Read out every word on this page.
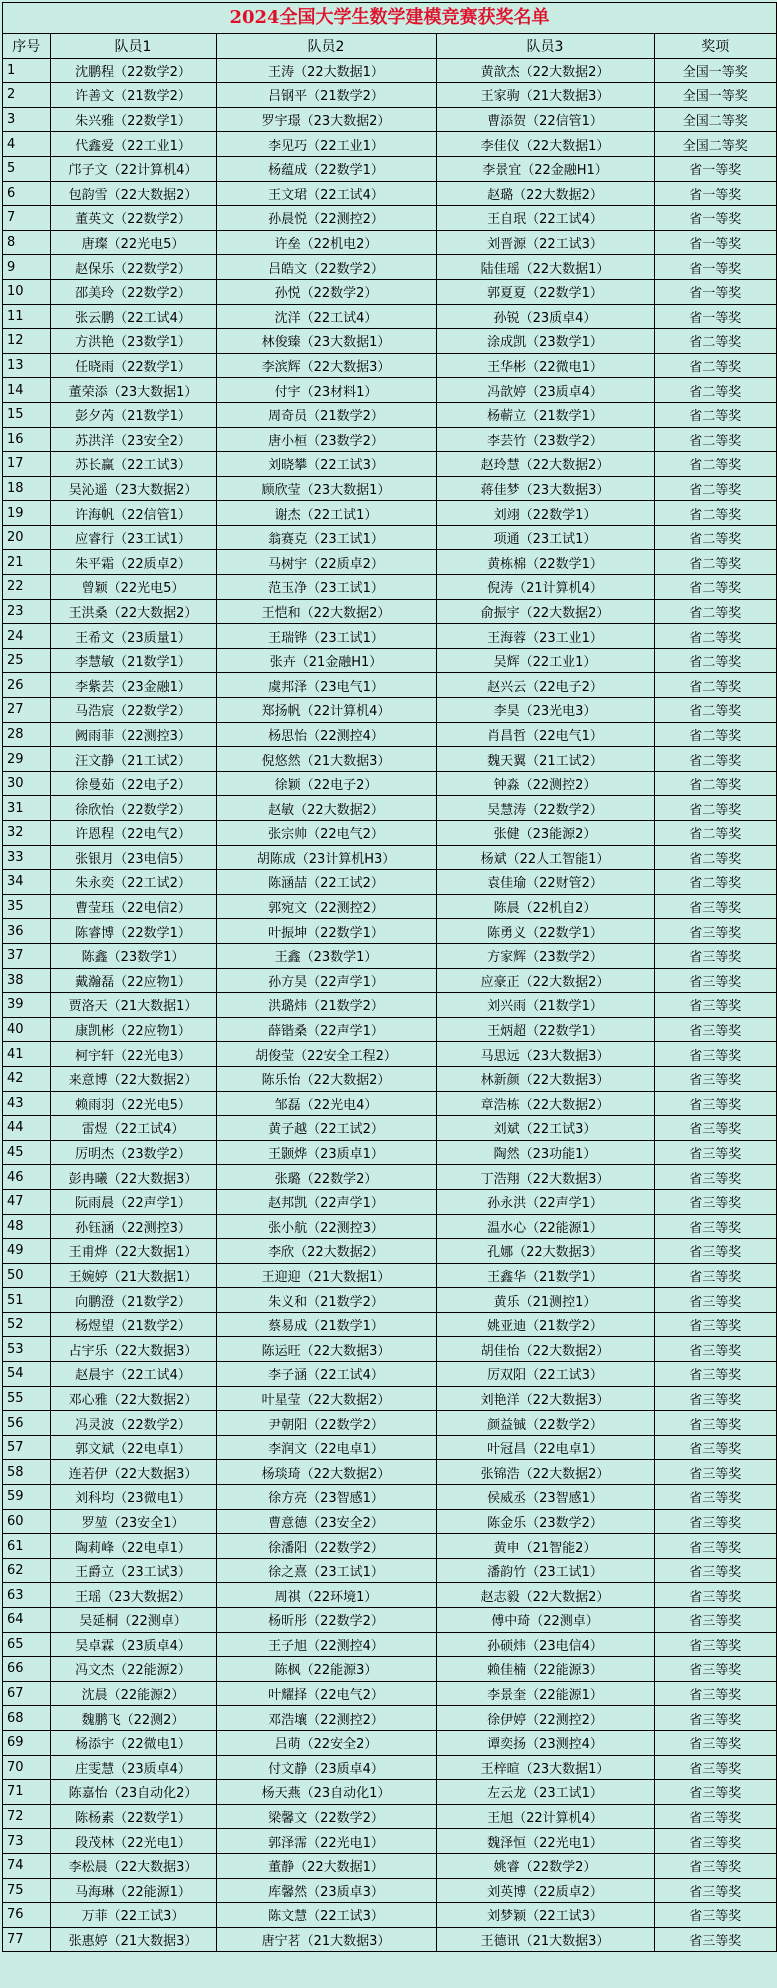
2024全国大学生数学建模竞赛获奖名单
序号	队员1	队员2	队员3	奖项
1	沈鹏程（22数学2）	王涛（22大数据1）	黄歆杰（22大数据2）	全国一等奖
2	许善文（21数学2）	吕钢平（21数学2）	王家驹（21大数据3）	全国一等奖
3	朱兴雅（22数学1）	罗宇璟（23大数据2）	曹添贺（22信管1）	全国二等奖
4	代鑫爱（22工业1）	李见巧（22工业1）	李佳仪（22大数据1）	全国二等奖
5	邝子文（22计算机4）	杨蕴成（22数学1）	李景宜（22金融H1）	省一等奖
6	包韵雪（22大数据2）	王文珺（22工试4）	赵璐（22大数据2）	省一等奖
7	董英文（22数学2）	孙晨悦（22测控2）	王自珉（22工试4）	省一等奖
8	唐璨（22光电5）	许垒（22机电2）	刘晋源（22工试3）	省一等奖
9	赵保乐（22数学2）	吕皓文（22数学2）	陆佳瑶（22大数据1）	省一等奖
10	邵美玲（22数学2）	孙悦（22数学2）	郭夏夏（22数学1）	省一等奖
11	张云鹏（22工试4）	沈洋（22工试4）	孙锐（23质卓4）	省一等奖
12	方洪艳（23数学1）	林俊臻（23大数据1）	涂成凯（23数学1）	省二等奖
13	任晓雨（22数学1）	李滨辉（22大数据3）	王华彬（22微电1）	省二等奖
14	董荣添（23大数据1）	付宇（23材料1）	冯歆婷（23质卓4）	省二等奖
15	彭夕芮（21数学1）	周奇员（21数学2）	杨蕲立（21数学1）	省二等奖
16	苏洪洋（23安全2）	唐小桓（23数学2）	李芸竹（23数学2）	省二等奖
17	苏长赢（22工试3）	刘晓攀（22工试3）	赵玲慧（22大数据2）	省二等奖
18	吴沁遥（23大数据2）	顾欣莹（23大数据1）	蒋佳梦（23大数据3）	省二等奖
19	许海帆（22信管1）	谢杰（22工试1）	刘翊（22数学1）	省二等奖
20	应睿行（23工试1）	翁赛克（23工试1）	项通（23工试1）	省二等奖
21	朱平霜（22质卓2）	马树宇（22质卓2）	黄栋棉（22数学1）	省二等奖
22	曾颖（22光电5）	范玉净（23工试1）	倪涛（21计算机4）	省二等奖
23	王洪桑（22大数据2）	王恺和（22大数据2）	俞振宇（22大数据2）	省二等奖
24	王希文（23质量1）	王瑞铧（23工试1）	王海蓉（23工业1）	省二等奖
25	李慧敏（21数学1）	张卉（21金融H1）	吴辉（22工业1）	省二等奖
26	李紫芸（23金融1）	虞邦泽（23电气1）	赵兴云（22电子2）	省二等奖
27	马浩宸（22数学2）	郑扬帆（22计算机4）	李昊（23光电3）	省二等奖
28	阙雨菲（22测控3）	杨思怡（22测控4）	肖昌哲（22电气1）	省二等奖
29	汪文静（21工试2）	倪悠然（21大数据3）	魏天翼（21工试2）	省二等奖
30	徐曼茹（22电子2）	徐颖（22电子2）	钟淼（22测控2）	省二等奖
31	徐欣怡（22数学2）	赵敏（22大数据2）	吴慧涛（22数学2）	省二等奖
32	许恩程（22电气2）	张宗帅（22电气2）	张健（23能源2）	省二等奖
33	张银月（23电信5）	胡陈成（23计算机H3）	杨斌（22人工智能1）	省二等奖
34	朱永奕（22工试2）	陈涵喆（22工试2）	袁佳瑜（22财管2）	省二等奖
35	曹莹珏（22电信2）	郭宛文（22测控2）	陈晨（22机自2）	省三等奖
36	陈睿博（22数学1）	叶振坤（22数学1）	陈勇义（22数学1）	省三等奖
37	陈鑫（23数学1）	王鑫（23数学1）	方家辉（23数学2）	省三等奖
38	戴瀚磊（22应物1）	孙方昊（22声学1）	应豪正（22大数据2）	省三等奖
39	贾洛天（21大数据1）	洪璐炜（21数学2）	刘兴雨（21数学1）	省三等奖
40	康凯彬（22应物1）	薛锴桑（22声学1）	王炳超（22数学1）	省三等奖
41	柯宇轩（22光电3）	胡俊莹（22安全工程2）	马思远（23大数据3）	省三等奖
42	来意博（22大数据2）	陈乐怡（22大数据2）	林新颜（22大数据3）	省三等奖
43	赖雨羽（22光电5）	邹磊（22光电4）	章浩栋（22大数据2）	省三等奖
44	雷煜（22工试4）	黄子越（22工试2）	刘斌（22工试3）	省三等奖
45	厉明杰（23数学2）	王颢烨（23质卓1）	陶然（23功能1）	省三等奖
46	彭冉曦（22大数据3）	张璐（22数学2）	丁浩翔（22大数据3）	省三等奖
47	阮雨晨（22声学1）	赵邦凯（22声学1）	孙永洪（22声学1）	省三等奖
48	孙钰涵（22测控3）	张小航（22测控3）	温水心（22能源1）	省三等奖
49	王甫烨（22大数据1）	李欣（22大数据2）	孔娜（22大数据3）	省三等奖
50	王婉婷（21大数据1）	王迎迎（21大数据1）	王鑫华（21数学1）	省三等奖
51	向鹏澄（21数学2）	朱义和（21数学2）	黄乐（21测控1）	省三等奖
52	杨煜望（21数学2）	蔡易成（21数学1）	姚亚迪（21数学2）	省三等奖
53	占宇乐（22大数据3）	陈运旺（22大数据3）	胡佳怡（22大数据2）	省三等奖
54	赵晨宇（22工试4）	李子涵（22工试4）	厉双阳（22工试3）	省三等奖
55	邓心雅（22大数据2）	叶星莹（22大数据2）	刘艳洋（22大数据3）	省三等奖
56	冯灵波（22数学2）	尹朝阳（22数学2）	颜益铖（22数学2）	省三等奖
57	郭文斌（22电卓1）	李润文（22电卓1）	叶冠昌（22电卓1）	省三等奖
58	连若伊（22大数据3）	杨琰琦（22大数据2）	张锦浩（22大数据2）	省三等奖
59	刘科均（23微电1）	徐方亮（23智感1）	侯威丞（23智感1）	省三等奖
60	罗堃（23安全1）	曹意德（23安全2）	陈金乐（23数学2）	省三等奖
61	陶莉峰（22电卓1）	徐潘阳（22数学2）	黄申（21智能2）	省三等奖
62	王爵立（23工试3）	徐之熹（23工试1）	潘韵竹（23工试1）	省三等奖
63	王瑶（23大数据2）	周祺（22环境1）	赵志毅（22大数据2）	省三等奖
64	吴延桐（22测卓）	杨昕彤（22数学2）	傅中琦（22测卓）	省三等奖
65	吴卓霖（23质卓4）	王子旭（22测控4）	孙硕炜（23电信4）	省三等奖
66	冯文杰（22能源2）	陈枫（22能源3）	赖佳楠（22能源3）	省三等奖
67	沈晨（22能源2）	叶耀择（22电气2）	李景奎（22能源1）	省三等奖
68	魏鹏飞（22测2）	邓浩壤（22测控2）	徐伊婷（22测控2）	省三等奖
69	杨添宇（22微电1）	吕萌（22安全2）	谭奕扬（23测控4）	省三等奖
70	庄雯慧（23质卓4）	付文静（23质卓4）	王梓暄（23大数据1）	省三等奖
71	陈嘉怡（23自动化2）	杨天燕（23自动化1）	左云龙（23工试1）	省三等奖
72	陈杨素（22数学1）	梁馨文（22数学2）	王旭（22计算机4）	省三等奖
73	段茂林（22光电1）	郭泽霈（22光电1）	魏泽恒（22光电1）	省三等奖
74	李松晨（22大数据3）	董静（22大数据1）	姚睿（22数学2）	省三等奖
75	马海琳（22能源1）	库馨然（23质卓3）	刘英博（22质卓2）	省三等奖
76	万菲（22工试3）	陈文慧（22工试3）	刘梦颖（22工试3）	省三等奖
77	张惠婷（21大数据3）	唐宁茗（21大数据3）	王德讯（21大数据3）	省三等奖
